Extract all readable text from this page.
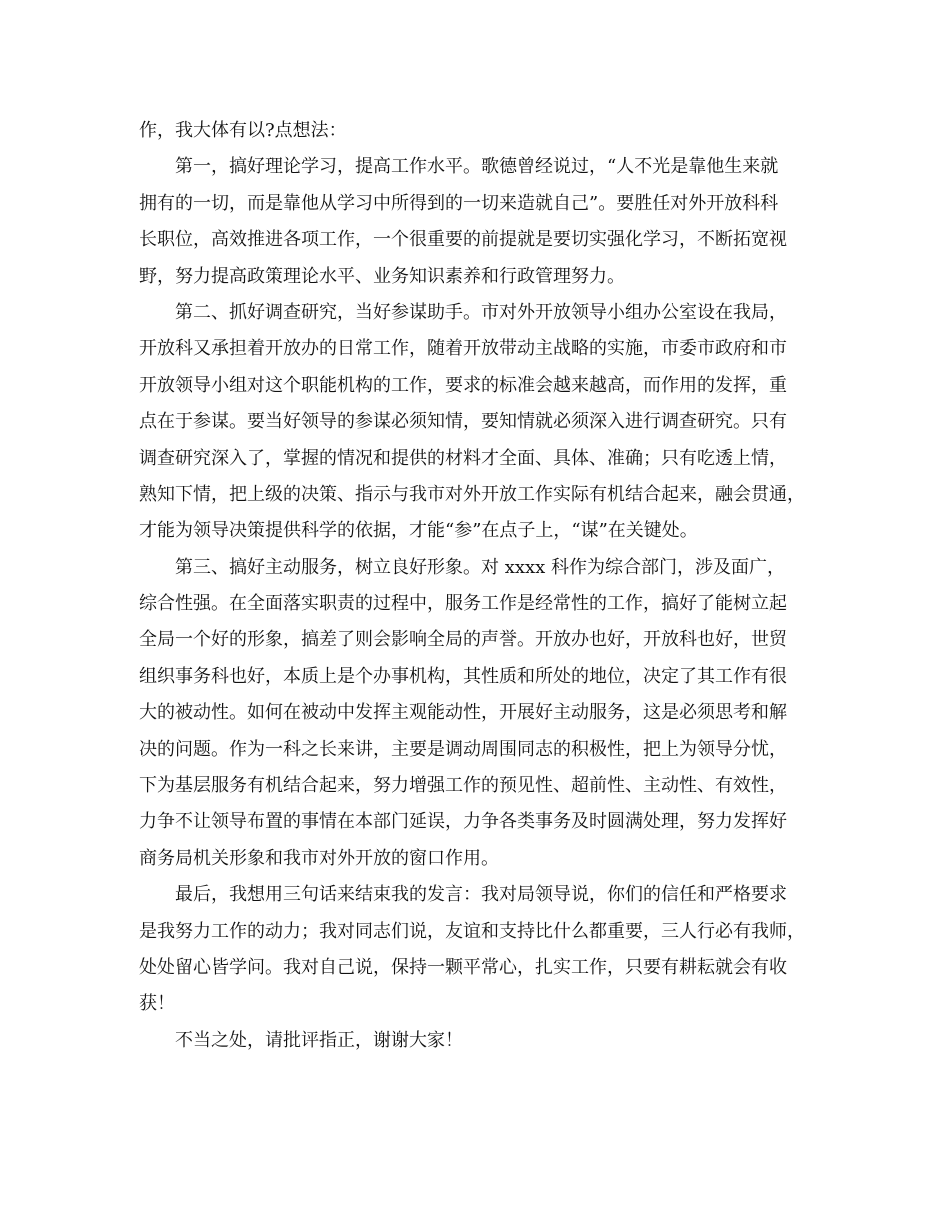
作，我大体有以?点想法：
第一，搞好理论学习，提高工作水平。歌德曾经说过，“人不光是靠他生来就
拥有的一切，而是靠他从学习中所得到的一切来造就自己”。要胜任对外开放科科
长职位，高效推进各项工作，一个很重要的前提就是要切实强化学习，不断拓宽视
野，努力提高政策理论水平、业务知识素养和行政管理努力。
第二、抓好调查研究，当好参谋助手。市对外开放领导小组办公室设在我局，
开放科又承担着开放办的日常工作，随着开放带动主战略的实施，市委市政府和市
开放领导小组对这个职能机构的工作，要求的标准会越来越高，而作用的发挥，重
点在于参谋。要当好领导的参谋必须知情，要知情就必须深入进行调查研究。只有
调查研究深入了，掌握的情况和提供的材料才全面、具体、准确；只有吃透上情，
熟知下情，把上级的决策、指示与我市对外开放工作实际有机结合起来，融会贯通，
才能为领导决策提供科学的依据，才能“参”在点子上，“谋”在关键处。
第三、搞好主动服务，树立良好形象。对 xxxx 科作为综合部门，涉及面广，
综合性强。在全面落实职责的过程中，服务工作是经常性的工作，搞好了能树立起
全局一个好的形象，搞差了则会影响全局的声誉。开放办也好，开放科也好，世贸
组织事务科也好，本质上是个办事机构，其性质和所处的地位，决定了其工作有很
大的被动性。如何在被动中发挥主观能动性，开展好主动服务，这是必须思考和解
决的问题。作为一科之长来讲，主要是调动周围同志的积极性，把上为领导分忧，
下为基层服务有机结合起来，努力增强工作的预见性、超前性、主动性、有效性，
力争不让领导布置的事情在本部门延误，力争各类事务及时圆满处理，努力发挥好
商务局机关形象和我市对外开放的窗口作用。
最后，我想用三句话来结束我的发言：我对局领导说，你们的信任和严格要求
是我努力工作的动力；我对同志们说，友谊和支持比什么都重要，三人行必有我师，
处处留心皆学问。我对自己说，保持一颗平常心，扎实工作，只要有耕耘就会有收
获！
不当之处，请批评指正，谢谢大家！
